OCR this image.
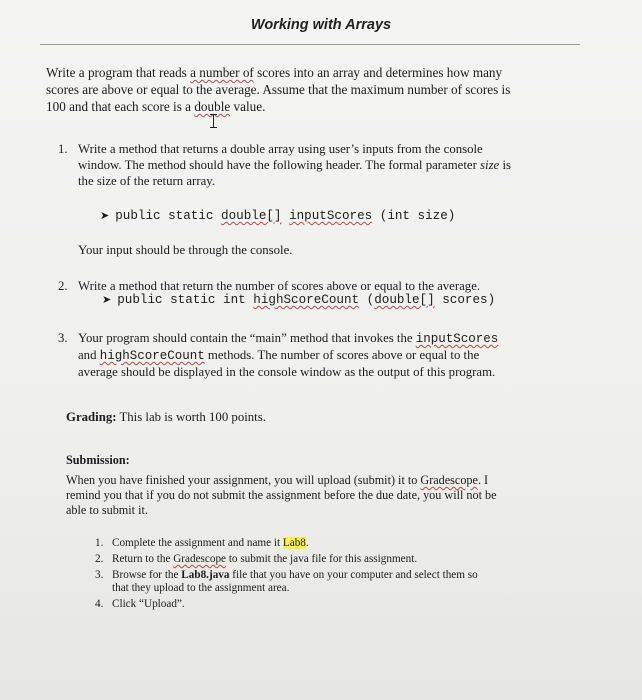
Working with Arrays
Write a program that reads a number of scores into an array and determines how many
scores are above or equal to the average. Assume that the maximum number of scores is
100 and that each score is a double value.
1. Write a method that returns a double array using user’s inputs from the console
window. The method should have the following header. The formal parameter size is
the size of the return array.
➤ public static double[] inputScores (int size)
Your input should be through the console.
2. Write a method that return the number of scores above or equal to the average.
➤ public static int highScoreCount (double[] scores)
3. Your program should contain the “main” method that invokes the inputScores
and highScoreCount methods. The number of scores above or equal to the
average should be displayed in the console window as the output of this program.
Grading: This lab is worth 100 points.
Submission:
When you have finished your assignment, you will upload (submit) it to Gradescope. I
remind you that if you do not submit the assignment before the due date, you will not be
able to submit it.
1. Complete the assignment and name it Lab8.
2. Return to the Gradescope to submit the java file for this assignment.
3. Browse for the Lab8.java file that you have on your computer and select them so
that they upload to the assignment area.
4. Click “Upload”.
